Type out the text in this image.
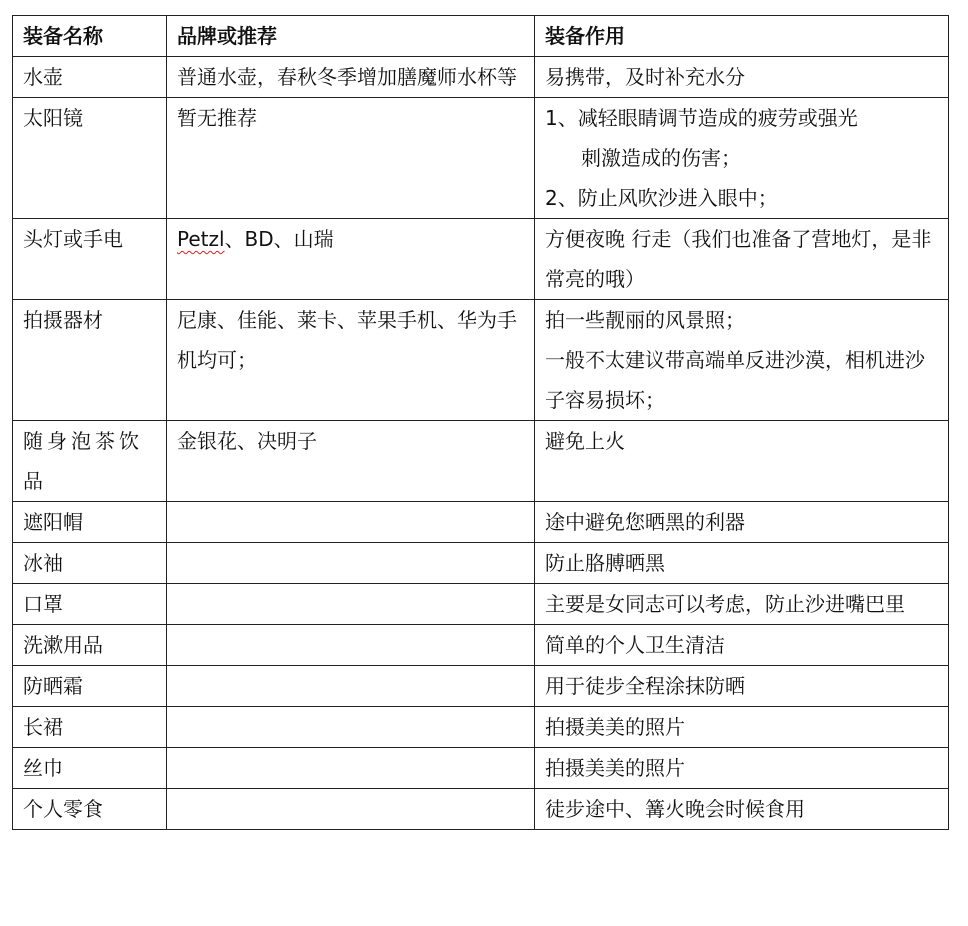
装备名称	品牌或推荐	装备作用
水壶	普通水壶，春秋冬季增加膳魔师水杯等	易携带，及时补充水分

太阳镜	暂无推荐	1、减轻眼睛调节造成的疲劳或强光
刺激造成的伤害；
2、防止风吹沙进入眼中；

头灯或手电	Petzl、BD、山瑞	方便夜晚 行走（我们也准备了营地灯，是非常亮的哦）

拍摄器材	尼康、佳能、莱卡、苹果手机、华为手机均可；	拍一些靓丽的风景照；
一般不太建议带高端单反进沙漠，相机进沙子容易损坏；

随身泡茶饮品	金银花、决明子	避免上火

遮阳帽		途中避免您晒黑的利器

冰袖		防止胳膊晒黑

口罩		主要是女同志可以考虑，防止沙进嘴巴里

洗漱用品		简单的个人卫生清洁

防晒霜		用于徒步全程涂抹防晒

长裙		拍摄美美的照片

丝巾		拍摄美美的照片

个人零食		徒步途中、篝火晚会时候食用
